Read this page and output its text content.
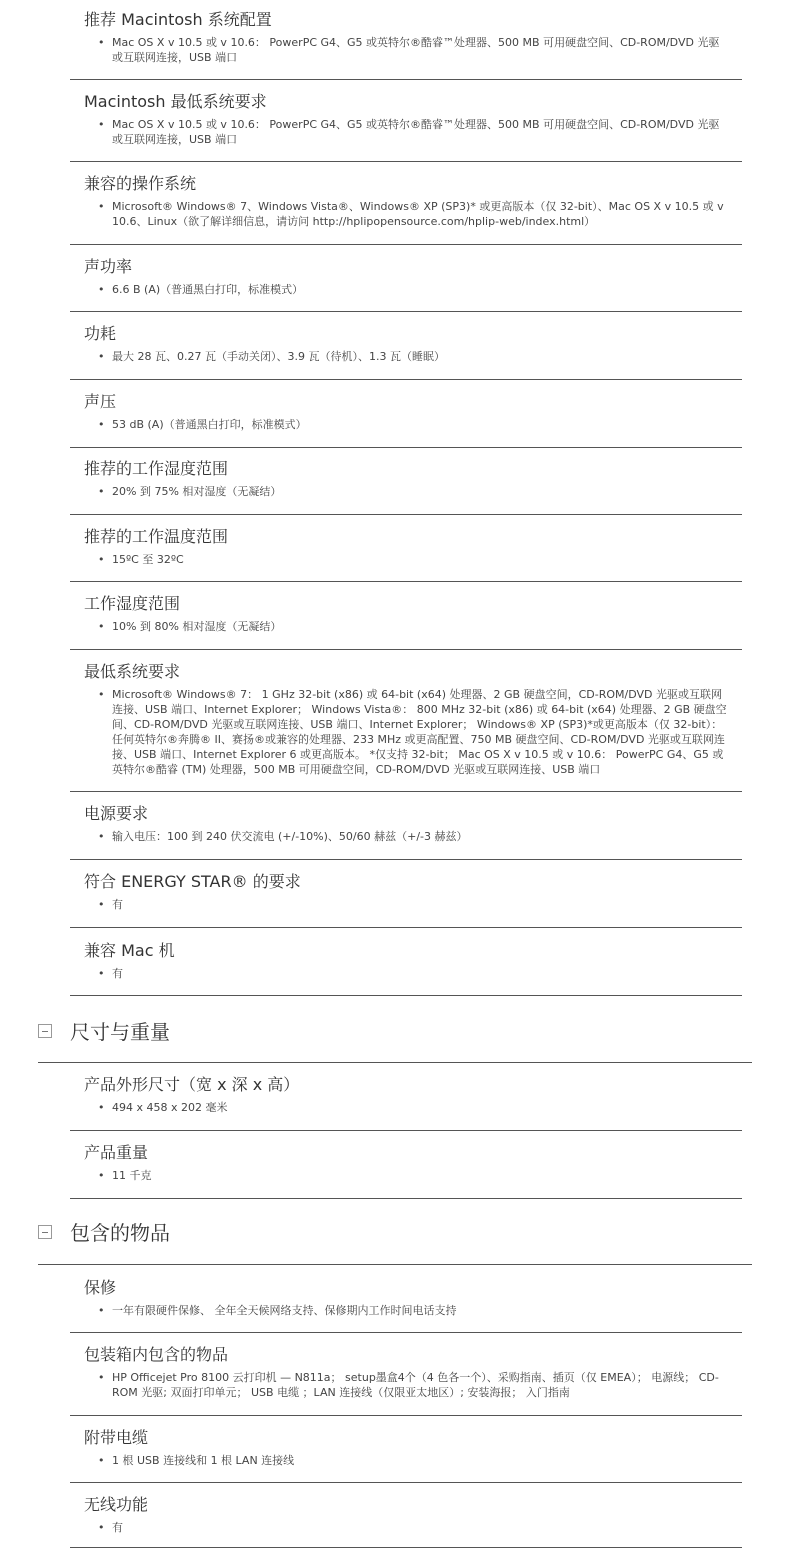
推荐 Macintosh 系统配置
• Mac OS X v 10.5 或 v 10.6： PowerPC G4、G5 或英特尔®酷睿™处理器、500 MB 可用硬盘空间、CD-ROM/DVD 光驱或互联网连接，USB 端口
Macintosh 最低系统要求
• Mac OS X v 10.5 或 v 10.6： PowerPC G4、G5 或英特尔®酷睿™处理器、500 MB 可用硬盘空间、CD-ROM/DVD 光驱或互联网连接，USB 端口
兼容的操作系统
• Microsoft® Windows® 7、Windows Vista®、Windows® XP (SP3)* 或更高版本（仅 32-bit）、Mac OS X v 10.5 或 v 10.6、Linux（欲了解详细信息，请访问 http://hplipopensource.com/hplip-web/index.html）
声功率
• 6.6 B (A)（普通黑白打印，标准模式）
功耗
• 最大 28 瓦、0.27 瓦（手动关闭）、3.9 瓦（待机）、1.3 瓦（睡眠）
声压
• 53 dB (A)（普通黑白打印，标准模式）
推荐的工作湿度范围
• 20% 到 75% 相对湿度（无凝结）
推荐的工作温度范围
• 15ºC 至 32ºC
工作湿度范围
• 10% 到 80% 相对湿度（无凝结）
最低系统要求
• Microsoft® Windows® 7： 1 GHz 32-bit (x86) 或 64-bit (x64) 处理器、2 GB 硬盘空间，CD-ROM/DVD 光驱或互联网连接、USB 端口、Internet Explorer； Windows Vista®： 800 MHz 32-bit (x86) 或 64-bit (x64) 处理器、2 GB 硬盘空间、CD-ROM/DVD 光驱或互联网连接、USB 端口、Internet Explorer； Windows® XP (SP3)*或更高版本（仅 32-bit）： 任何英特尔®奔腾® II、赛扬®或兼容的处理器、233 MHz 或更高配置、750 MB 硬盘空间、CD-ROM/DVD 光驱或互联网连接、USB 端口、Internet Explorer 6 或更高版本。 *仅支持 32-bit； Mac OS X v 10.5 或 v 10.6： PowerPC G4、G5 或英特尔®酷睿 (TM) 处理器，500 MB 可用硬盘空间，CD-ROM/DVD 光驱或互联网连接、USB 端口
电源要求
• 输入电压：100 到 240 伏交流电 (+/-10%)、50/60 赫兹（+/-3 赫兹）
符合 ENERGY STAR® 的要求
• 有
兼容 Mac 机
• 有
尺寸与重量
产品外形尺寸（宽 x 深 x 高）
• 494 x 458 x 202 毫米
产品重量
• 11 千克
包含的物品
保修
• 一年有限硬件保修、 全年全天候网络支持、保修期内工作时间电话支持
包装箱内包含的物品
• HP Officejet Pro 8100 云打印机 — N811a； setup墨盒4个（4 色各一个）、采购指南、插页（仅 EMEA）； 电源线； CD-ROM 光驱; 双面打印单元； USB 电缆 ；LAN 连接线（仅限亚太地区）; 安装海报； 入门指南
附带电缆
• 1 根 USB 连接线和 1 根 LAN 连接线
无线功能
• 有
